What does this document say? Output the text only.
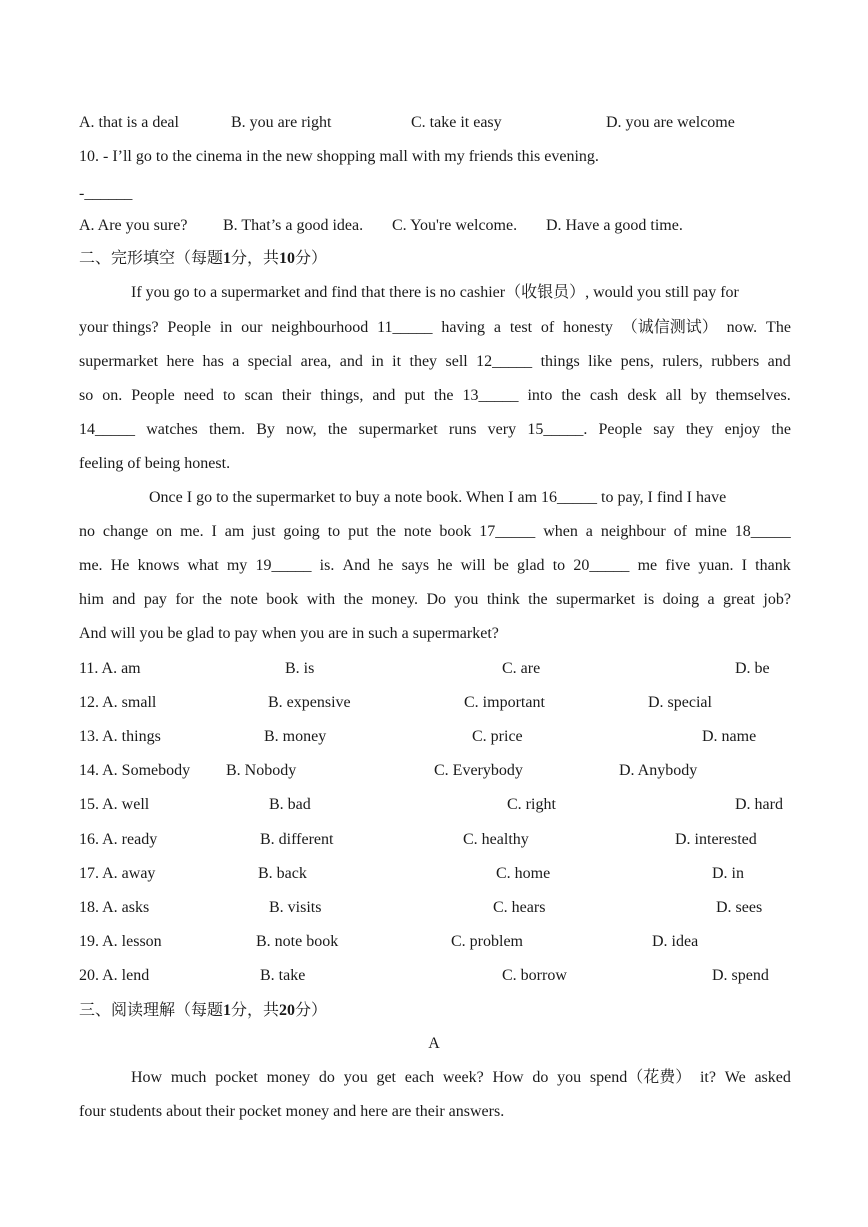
A. that is a deal	B. you are right	C. take it easy	D. you are welcome
10. - I’ll go to the cinema in the new shopping mall with my friends this evening.
-______
A. Are you sure? B. That’s a good idea. C. You're welcome. D. Have a good time.
二、完形填空（每题1分，共10分）
If you go to a supermarket and find that there is no cashier（收银员）, would you still pay for
your things? People in our neighbourhood 11_____ having a test of honesty （诚信测试） now. The
supermarket here has a special area, and in it they sell 12_____ things like pens, rulers, rubbers and
so on. People need to scan their things, and put the 13_____ into the cash desk all by themselves.
14_____ watches them. By now, the supermarket runs very 15_____. People say they enjoy the
feeling of being honest.
Once I go to the supermarket to buy a note book. When I am 16_____ to pay, I find I have
no change on me. I am just going to put the note book 17_____ when a neighbour of mine 18_____
me. He knows what my 19_____ is. And he says he will be glad to 20_____ me five yuan. I thank
him and pay for the note book with the money. Do you think the supermarket is doing a great job?
And will you be glad to pay when you are in such a supermarket?
11. A. am	B. is	C. are	D. be
12. A. small	B. expensive	C. important	D. special
13. A. things	B. money	C. price	D. name
14. A. Somebody B. Nobody	C. Everybody	D. Anybody
15. A. well	B. bad	C. right	D. hard
16. A. ready	B. different	C. healthy	D. interested
17. A. away	B. back	C. home	D. in
18. A. asks	B. visits	C. hears	D. sees
19. A. lesson	B. note book	C. problem	D. idea
20. A. lend	B. take	C. borrow	D. spend
三、阅读理解（每题1分，共20分）
A
How much pocket money do you get each week? How do you spend（花费） it? We asked
four students about their pocket money and here are their answers.
